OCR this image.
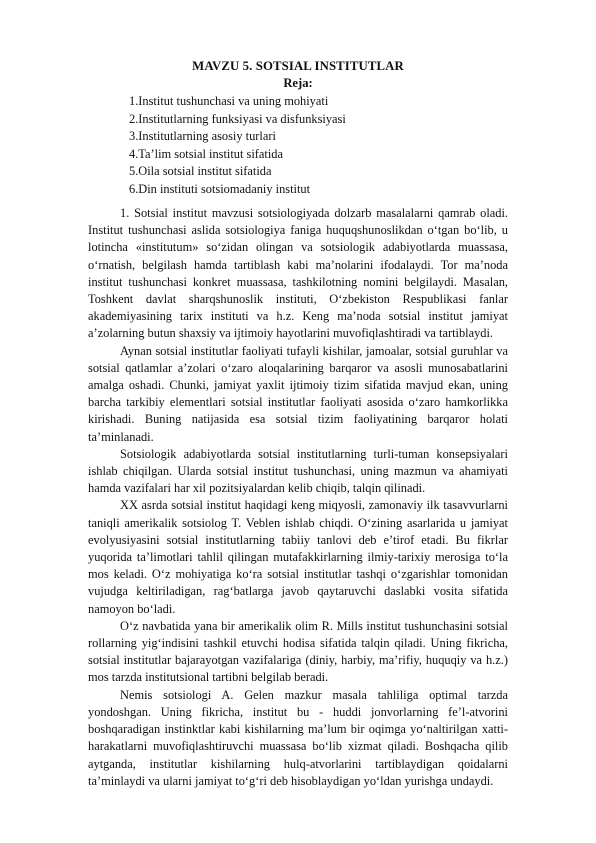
MAVZU 5. SOTSIAL INSTITUTLAR
Reja:
1.Institut tushunchasi va uning mohiyati
2.Institutlarning funksiyasi va disfunksiyasi
3.Institutlarning asosiy turlari
4.Ta’lim sotsial institut sifatida
5.Oila sotsial institut sifatida
6.Din instituti sotsiomadaniy institut

1. Sotsial institut mavzusi sotsiologiyada dolzarb masalalarni qamrab oladi. Institut tushunchasi aslida sotsiologiya faniga huquqshunoslikdan o‘tgan bo‘lib, u lotincha «institutum» so‘zidan olingan va sotsiologik adabiyotlarda muassasa, o‘rnatish, belgilash hamda tartiblash kabi ma’nolarini ifodalaydi. Tor ma’noda institut tushunchasi konkret muassasa, tashkilotning nomini belgilaydi. Masalan, Toshkent davlat sharqshunoslik instituti, O‘zbekiston Respublikasi fanlar akademiyasining tarix instituti va h.z. Keng ma’noda sotsial institut jamiyat a’zolarning butun shaxsiy va ijtimoiy hayotlarini muvofiqlashtiradi va tartiblaydi.

Aynan sotsial institutlar faoliyati tufayli kishilar, jamoalar, sotsial guruhlar va sotsial qatlamlar a’zolari o‘zaro aloqalarining barqaror va asosli munosabatlarini amalga oshadi. Chunki, jamiyat yaxlit ijtimoiy tizim sifatida mavjud ekan, uning barcha tarkibiy elementlari sotsial institutlar faoliyati asosida o‘zaro hamkorlikka kirishadi. Buning natijasida esa sotsial tizim faoliyatining barqaror holati ta’minlanadi.

Sotsiologik adabiyotlarda sotsial institutlarning turli-tuman konsepsiyalari ishlab chiqilgan. Ularda sotsial institut tushunchasi, uning mazmun va ahamiyati hamda vazifalari har xil pozitsiyalardan kelib chiqib, talqin qilinadi.

XX asrda sotsial institut haqidagi keng miqyosli, zamonaviy ilk tasavvurlarni taniqli amerikalik sotsiolog T. Veblen ishlab chiqdi. O‘zining asarlarida u jamiyat evolyusiyasini sotsial institutlarning tabiiy tanlovi deb e’tirof etadi. Bu fikrlar yuqorida ta’limotlari tahlil qilingan mutafakkirlarning ilmiy-tarixiy merosiga to‘la mos keladi. O‘z mohiyatiga ko‘ra sotsial institutlar tashqi o‘zgarishlar tomonidan vujudga keltiriladigan, rag‘batlarga javob qaytaruvchi daslabki vosita sifatida namoyon bo‘ladi.

O‘z navbatida yana bir amerikalik olim R. Mills institut tushunchasini sotsial rollarning yig‘indisini tashkil etuvchi hodisa sifatida talqin qiladi. Uning fikricha, sotsial institutlar bajarayotgan vazifalariga (diniy, harbiy, ma’rifiy, huquqiy va h.z.) mos tarzda institutsional tartibni belgilab beradi.

Nemis sotsiologi A. Gelen mazkur masala tahliliga optimal tarzda yondoshgan. Uning fikricha, institut bu - huddi jonvorlarning fe’l-atvorini boshqaradigan instinktlar kabi kishilarning ma’lum bir oqimga yo‘naltirilgan xatti-harakatlarni muvofiqlashtiruvchi muassasa bo‘lib xizmat qiladi. Boshqacha qilib aytganda, institutlar kishilarning hulq-atvorlarini tartiblaydigan qoidalarni ta’minlaydi va ularni jamiyat to‘g‘ri deb hisoblaydigan yo‘ldan yurishga undaydi.
